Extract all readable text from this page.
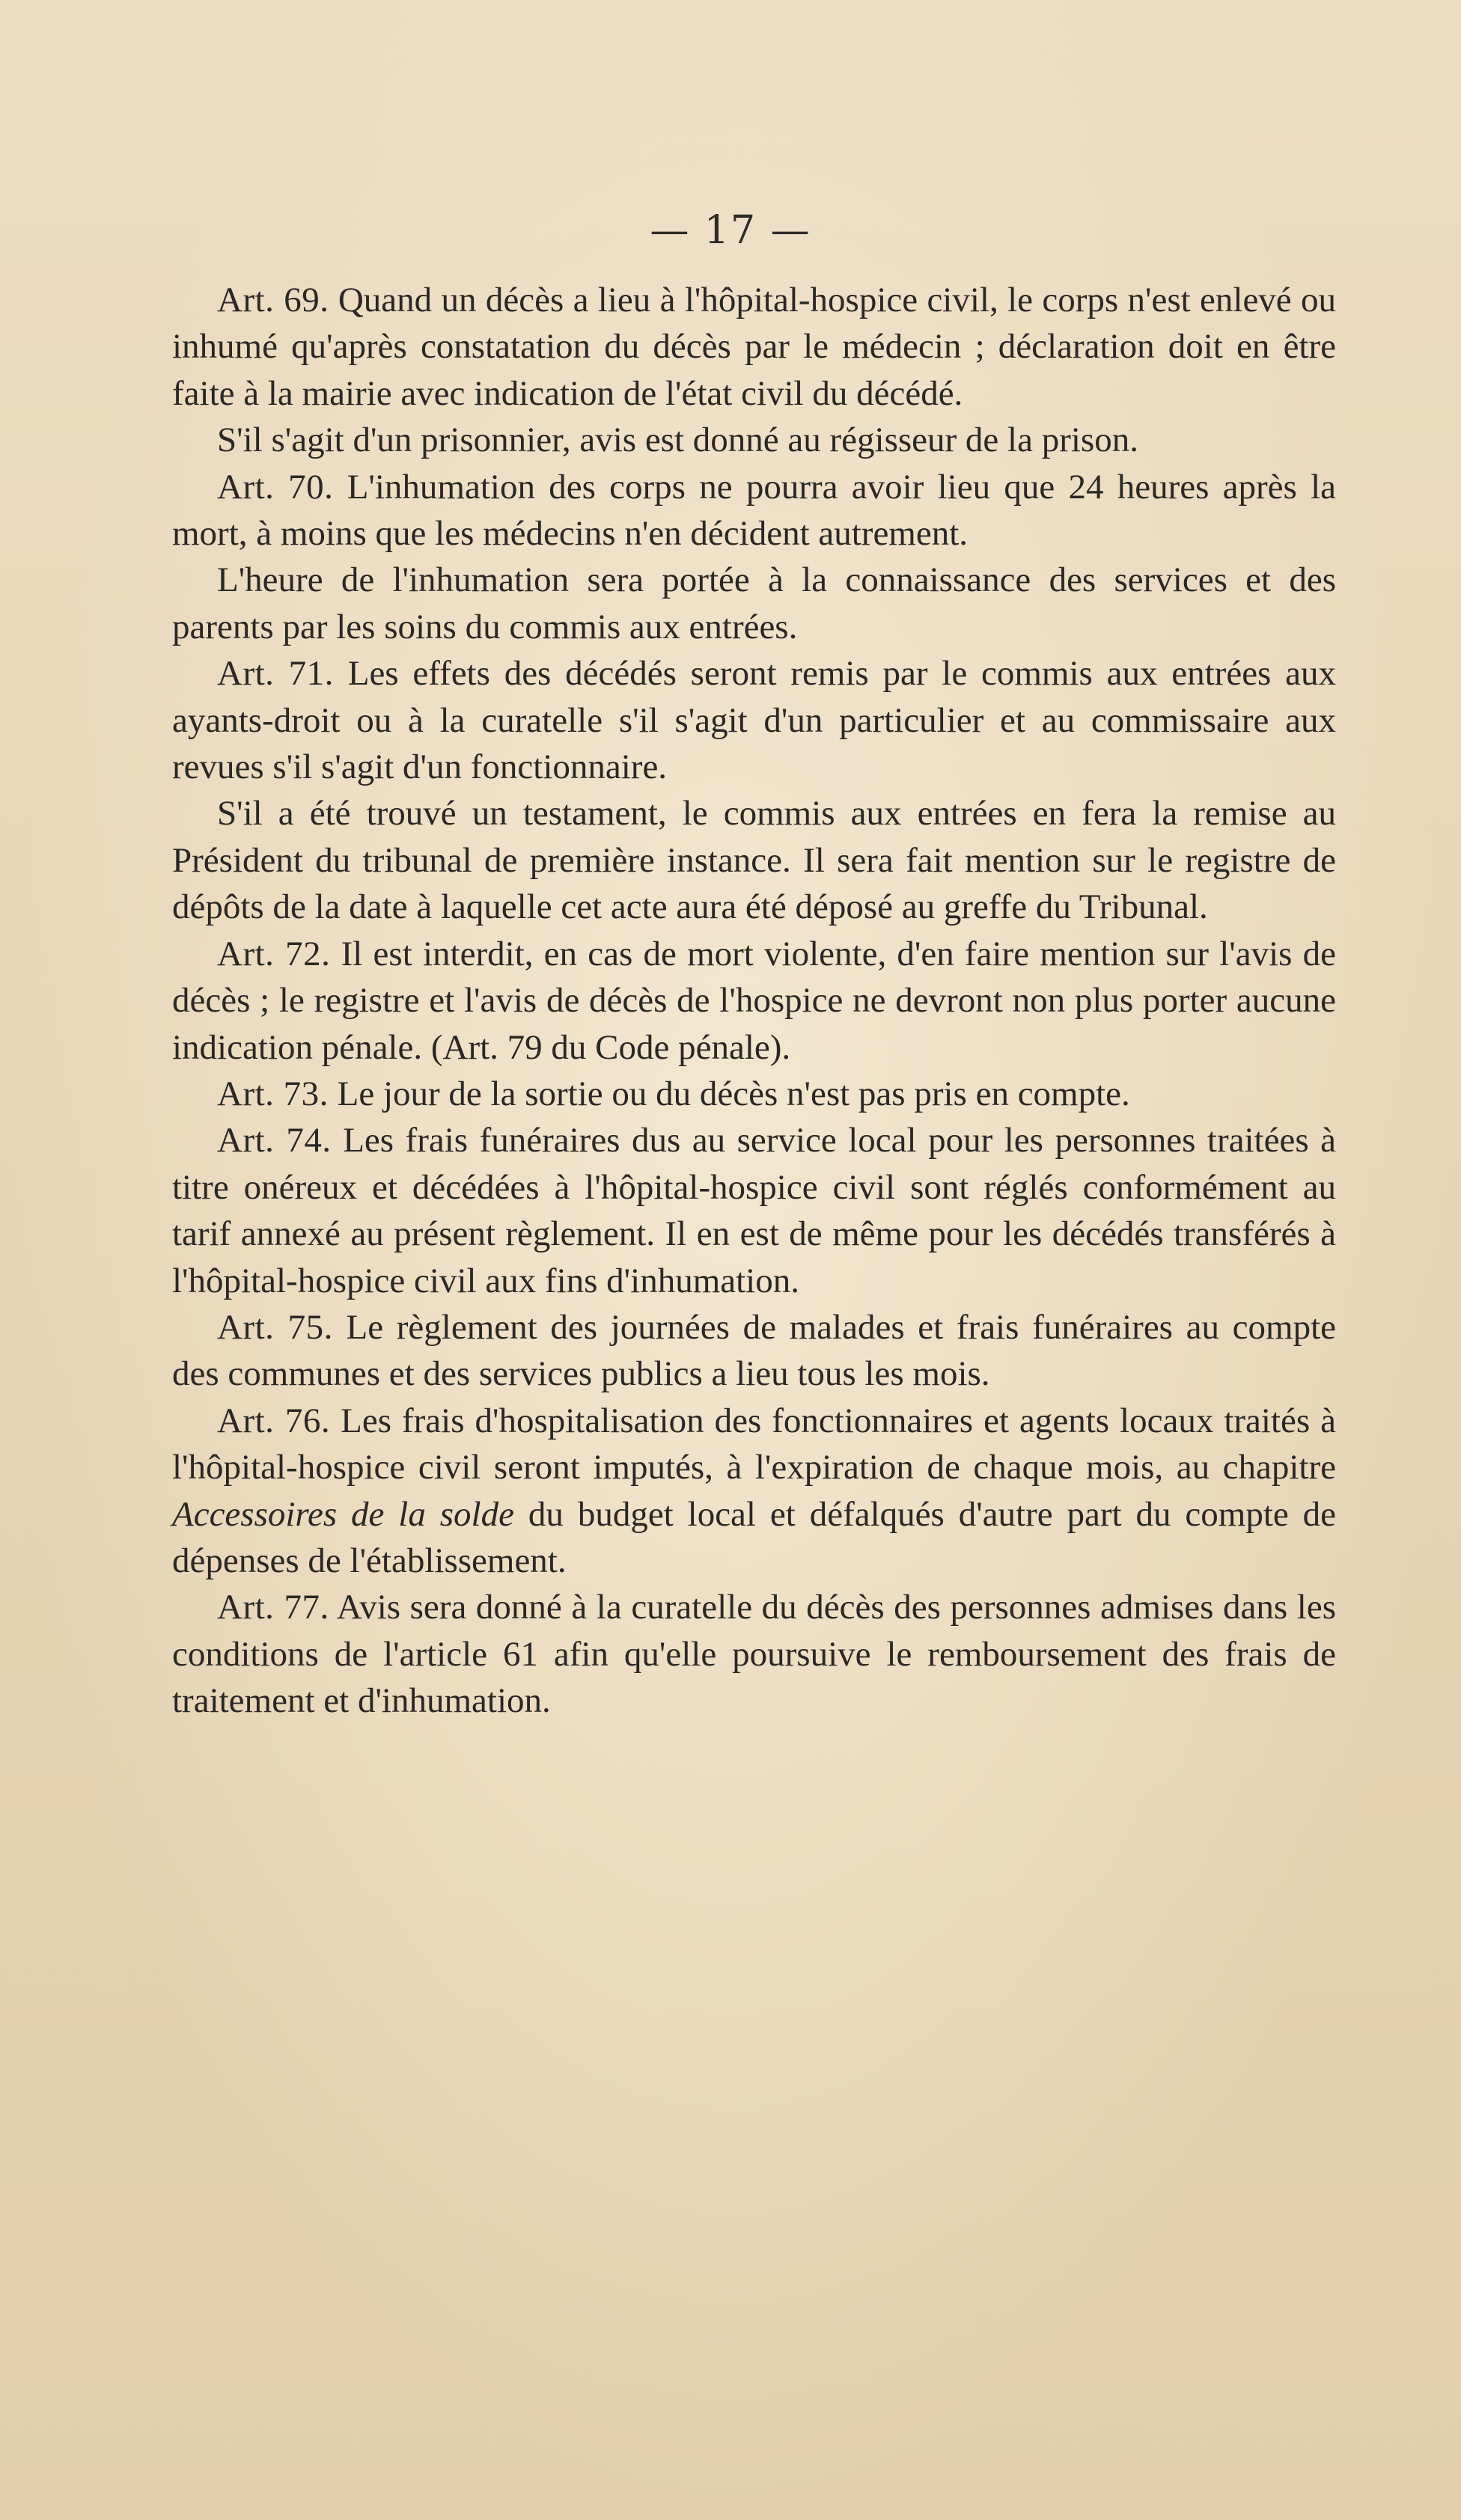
— 17 —

Art. 69. Quand un décès a lieu à l'hôpital-hospice civil, le corps n'est enlevé ou inhumé qu'après constatation du décès par le médecin ; déclaration doit en être faite à la mairie avec indication de l'état civil du décédé.

S'il s'agit d'un prisonnier, avis est donné au régisseur de la prison.

Art. 70. L'inhumation des corps ne pourra avoir lieu que 24 heures après la mort, à moins que les médecins n'en décident autrement.

L'heure de l'inhumation sera portée à la connaissance des services et des parents par les soins du commis aux entrées.

Art. 71. Les effets des décédés seront remis par le commis aux entrées aux ayants-droit ou à la curatelle s'il s'agit d'un particulier et au commissaire aux revues s'il s'agit d'un fonctionnaire.

S'il a été trouvé un testament, le commis aux entrées en fera la remise au Président du tribunal de première instance. Il sera fait mention sur le registre de dépôts de la date à laquelle cet acte aura été déposé au greffe du Tribunal.

Art. 72. Il est interdit, en cas de mort violente, d'en faire mention sur l'avis de décès ; le registre et l'avis de décès de l'hospice ne devront non plus porter aucune indication pénale. (Art. 79 du Code pénale).

Art. 73. Le jour de la sortie ou du décès n'est pas pris en compte.

Art. 74. Les frais funéraires dus au service local pour les personnes traitées à titre onéreux et décédées à l'hôpital-hospice civil sont réglés conformément au tarif annexé au présent règlement. Il en est de même pour les décédés transférés à l'hôpital-hospice civil aux fins d'inhumation.

Art. 75. Le règlement des journées de malades et frais funéraires au compte des communes et des services publics a lieu tous les mois.

Art. 76. Les frais d'hospitalisation des fonctionnaires et agents locaux traités à l'hôpital-hospice civil seront imputés, à l'expiration de chaque mois, au chapitre Accessoires de la solde du budget local et défalqués d'autre part du compte de dépenses de l'établissement.

Art. 77. Avis sera donné à la curatelle du décès des personnes admises dans les conditions de l'article 61 afin qu'elle poursuive le remboursement des frais de traitement et d'inhumation.
